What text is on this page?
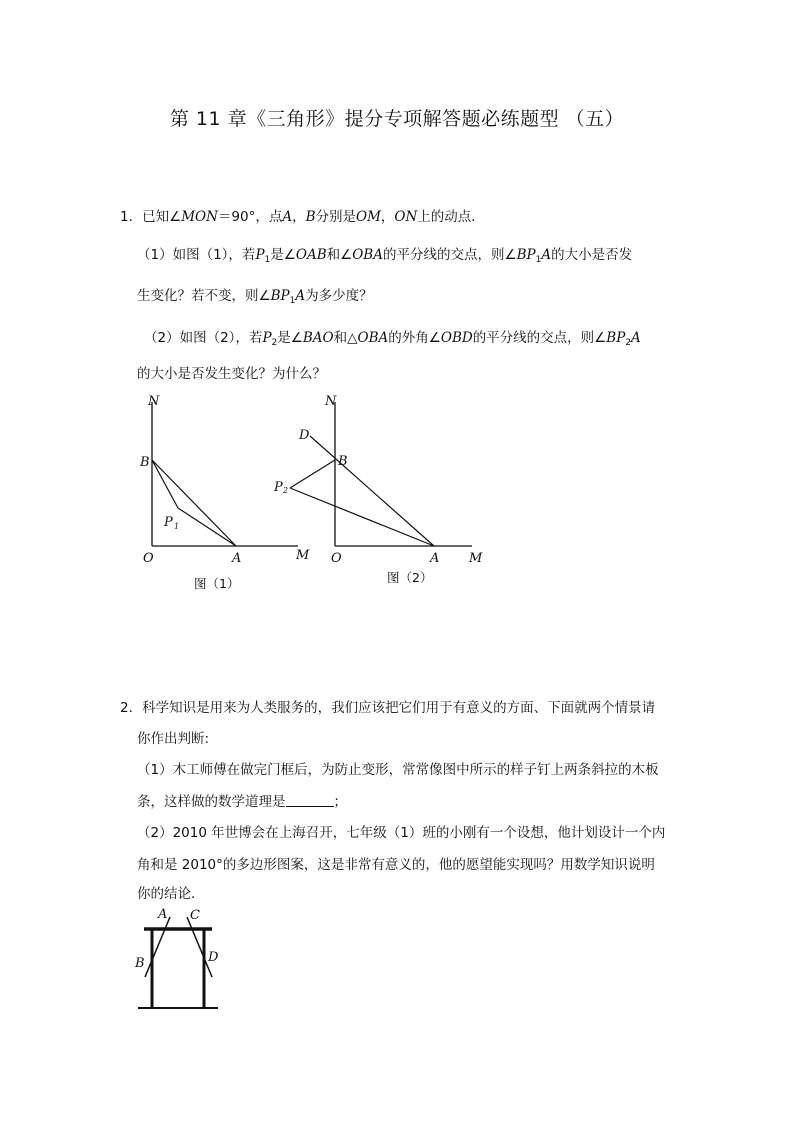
第 11 章《三角形》提分专项解答题必练题型 （五）
1．已知∠MON＝90°，点A，B分别是OM，ON上的动点．
（1）如图（1），若$P_1$是∠OAB和∠OBA的平分线的交点，则$\angle BP_1A$的大小是否发
生变化？若不变，则$\angle BP_1A$为多少度？
（2）如图（2），若$P_2$是∠BAO和△OBA的外角∠OBD的平分线的交点，则$\angle BP_2A$
的大小是否发生变化？为什么？
N
B
P 1
O	A	M
图（1）
N
D
B
P 2
O	A M
图（2）
2．科学知识是用来为人类服务的，我们应该把它们用于有意义的方面、下面就两个情景请
你作出判断:
（1）木工师傅在做完门框后，为防止变形，常常像图中所示的样子钉上两条斜拉的木板
条，这样做的数学道理是	；
（2）2010 年世博会在上海召开，七年级（1）班的小刚有一个设想，他计划设计一个内
角和是 2010°的多边形图案，这是非常有意义的，他的愿望能实现吗？用数学知识说明
你的结论．
A C
B	D
